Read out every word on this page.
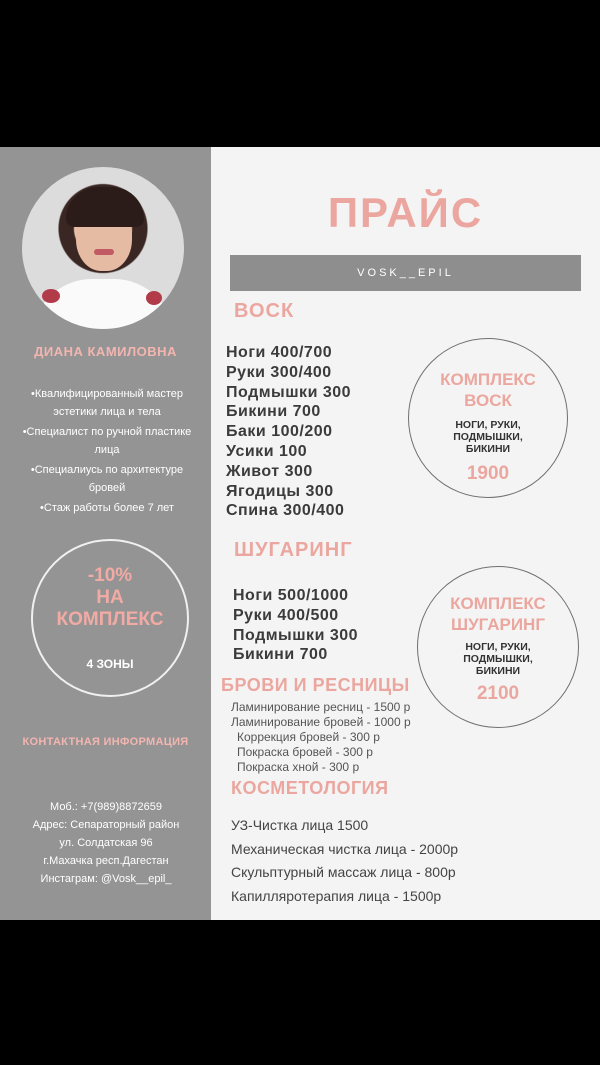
ДИАНА КАМИЛОВНА
•Квалифицированный мастер эстетики лица и тела
•Специалист по ручной пластике лица
•Специалиусь по архитектуре бровей
•Стаж работы более 7 лет
-10%
НА
КОМПЛЕКС
4 ЗОНЫ
КОНТАКТНАЯ ИНФОРМАЦИЯ
Моб.: +7(989)8872659
Адрес: Сепараторный район
ул. Солдатская 96
г.Махачка респ.Дагестан
Инстаграм: @Vosk__epil_
ПРАЙС
VOSK__EPIL
ВОСК
Ноги 400/700
Руки 300/400
Подмышки 300
Бикини 700
Баки 100/200
Усики 100
Живот 300
Ягодицы 300
Спина 300/400
КОМПЛЕКС
ВОСК
НОГИ, РУКИ,
ПОДМЫШКИ,
БИКИНИ
1900
ШУГАРИНГ
Ноги 500/1000
Руки 400/500
Подмышки 300
Бикини 700
КОМПЛЕКС
ШУГАРИНГ
НОГИ, РУКИ,
ПОДМЫШКИ,
БИКИНИ
2100
БРОВИ И РЕСНИЦЫ
Ламинирование ресниц - 1500 р
Ламинирование бровей - 1000 р
Коррекция бровей - 300 р
Покраска бровей - 300 р
Покраска хной - 300 р
КОСМЕТОЛОГИЯ
УЗ-Чистка лица 1500
Механическая чистка лица - 2000р
Скульптурный массаж лица - 800р
Капилляротерапия лица - 1500р
